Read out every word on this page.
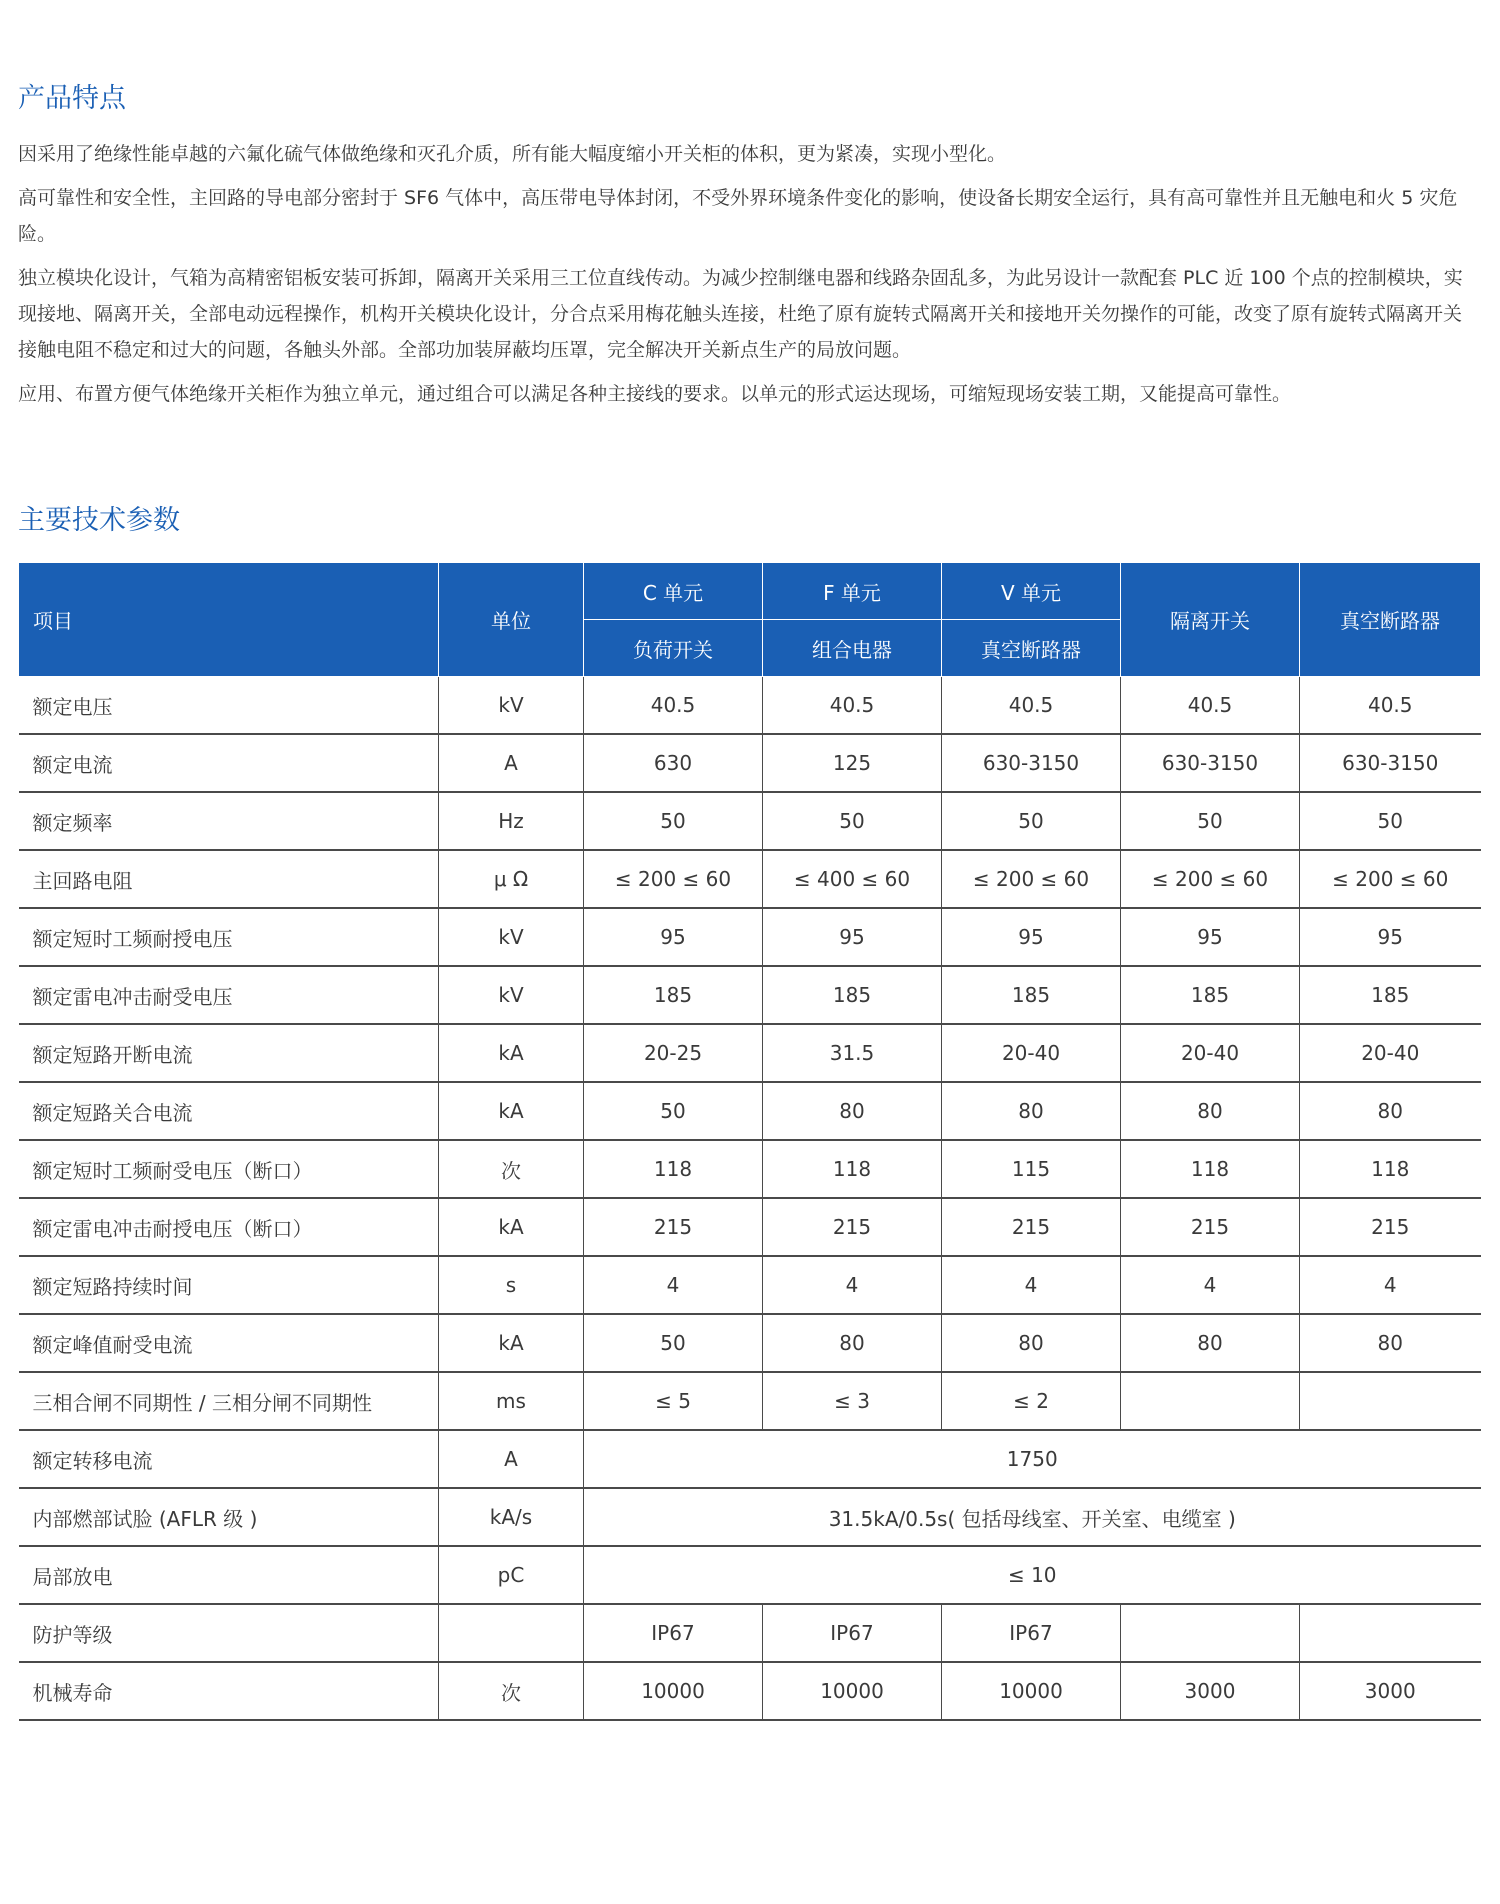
产品特点

因采用了绝缘性能卓越的六氟化硫气体做绝缘和灭孔介质，所有能大幅度缩小开关柜的体积，更为紧凑，实现小型化。

高可靠性和安全性，主回路的导电部分密封于 SF6 气体中，高压带电导体封闭，不受外界环境条件变化的影响，使设备长期安全运行，具有高可靠性并且无触电和火 5 灾危险。

独立模块化设计，气箱为高精密铝板安装可拆卸，隔离开关采用三工位直线传动。为减少控制继电器和线路杂固乱多，为此另设计一款配套 PLC 近 100 个点的控制模块，实现接地、隔离开关，全部电动远程操作，机构开关模块化设计，分合点采用梅花触头连接，杜绝了原有旋转式隔离开关和接地开关勿操作的可能，改变了原有旋转式隔离开关接触电阻不稳定和过大的问题，各触头外部。全部功加装屏蔽均压罩，完全解决开关新点生产的局放问题。

应用、布置方便气体绝缘开关柜作为独立单元，通过组合可以满足各种主接线的要求。以单元的形式运达现场，可缩短现场安装工期，又能提高可靠性。

主要技术参数
项目	单位	C 单元	F 单元	V 单元	隔离开关	真空断路器
		负荷开关	组合电器	真空断路器		
额定电压	kV	40.5	40.5	40.5	40.5	40.5
额定电流	A	630	125	630-3150	630-3150	630-3150
额定频率	Hz	50	50	50	50	50
主回路电阻	μ Ω	≤ 200 ≤ 60	≤ 400 ≤ 60	≤ 200 ≤ 60	≤ 200 ≤ 60	≤ 200 ≤ 60
额定短时工频耐授电压	kV	95	95	95	95	95
额定雷电冲击耐受电压	kV	185	185	185	185	185
额定短路开断电流	kA	20-25	31.5	20-40	20-40	20-40
额定短路关合电流	kA	50	80	80	80	80
额定短时工频耐受电压（断口）	次	118	118	115	118	118
额定雷电冲击耐授电压（断口）	kA	215	215	215	215	215
额定短路持续时间	s	4	4	4	4	4
额定峰值耐受电流	kA	50	80	80	80	80
三相合闸不同期性 / 三相分闸不同期性	ms	≤ 5	≤ 3	≤ 2		
额定转移电流	A	1750				
内部燃部试脸 (AFLR 级 )	kA/s	31.5kA/0.5s( 包括母线室、开关室、电缆室 )				
局部放电	pC	≤ 10				
防护等级		IP67	IP67	IP67		
机械寿命	次	10000	10000	10000	3000	3000
